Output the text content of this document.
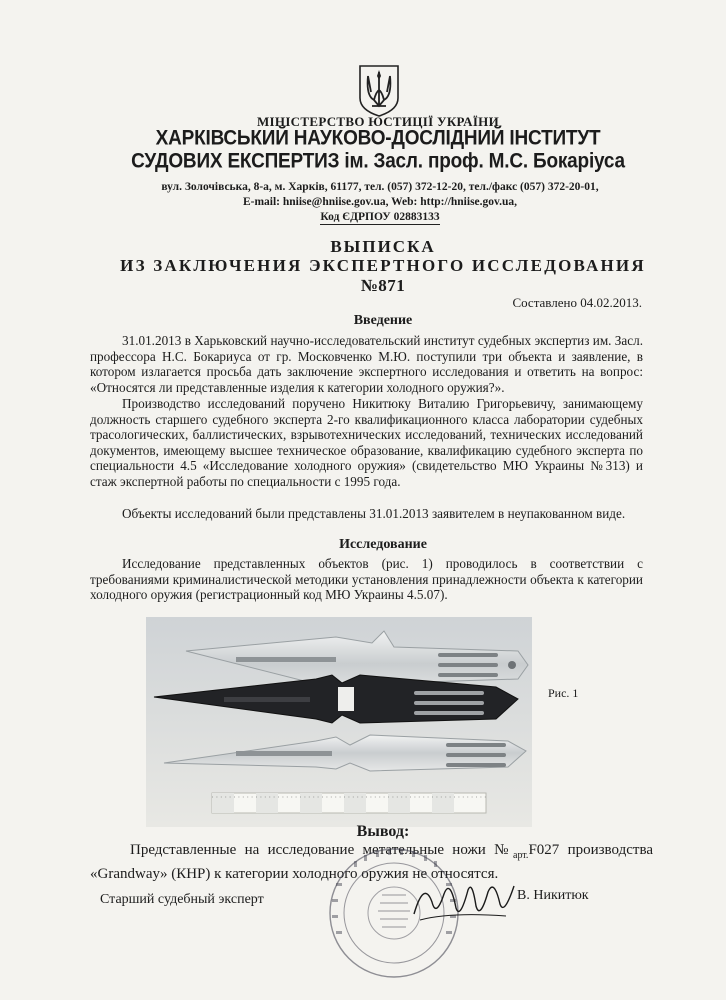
МІНІСТЕРСТВО ЮСТИЦІЇ УКРАЇНИ
ХАРКІВСЬКИЙ НАУКОВО-ДОСЛІДНИЙ ІНСТИТУТ
СУДОВИХ ЕКСПЕРТИЗ ім. Засл. проф. М.С. Бокаріуса
вул. Золочівська, 8-а, м. Харків, 61177, тел. (057) 372-12-20, тел./факс (057) 372-20-01,
E-mail: hniise@hniise.gov.ua, Web: http://hniise.gov.ua,
Код ЄДРПОУ 02883133
ВЫПИСКА
ИЗ ЗАКЛЮЧЕНИЯ ЭКСПЕРТНОГО ИССЛЕДОВАНИЯ
№871
Составлено 04.02.2013.
Введение

31.01.2013 в Харьковский научно-исследовательский институт судебных экспертиз им. Засл. профессора Н.С. Бокариуса от гр. Московченко М.Ю. поступили три объекта и заявление, в котором излагается просьба дать заключение экспертного исследования и ответить на вопрос: «Относятся ли представленные изделия к категории холодного оружия?».

Производство исследований поручено Никитюку Виталию Григорьевичу, занимающему должность старшего судебного эксперта 2-го квалификационного класса лаборатории судебных трасологических, баллистических, взрывотехнических исследований, технических исследований документов, имеющему высшее техническое образование, квалификацию судебного эксперта по специальности 4.5 «Исследование холодного оружия» (свидетельство МЮ Украины №313) и стаж экспертной работы по специальности с 1995 года.

Объекты исследований были представлены 31.01.2013 заявителем в неупакованном виде.

Исследование

Исследование представленных объектов (рис. 1) проводилось в соответствии с требованиями криминалистической методики установления принадлежности объекта к категории холодного оружия (регистрационный код МЮ Украины 4.5.07).

Рис. 1
Вывод:

Представленные на исследование метательные ножи $№_{арт.}F027$ производства «Grandway» (КНР) к категории холодного оружия не относятся.

Старший судебный эксперт	В. Никитюк
